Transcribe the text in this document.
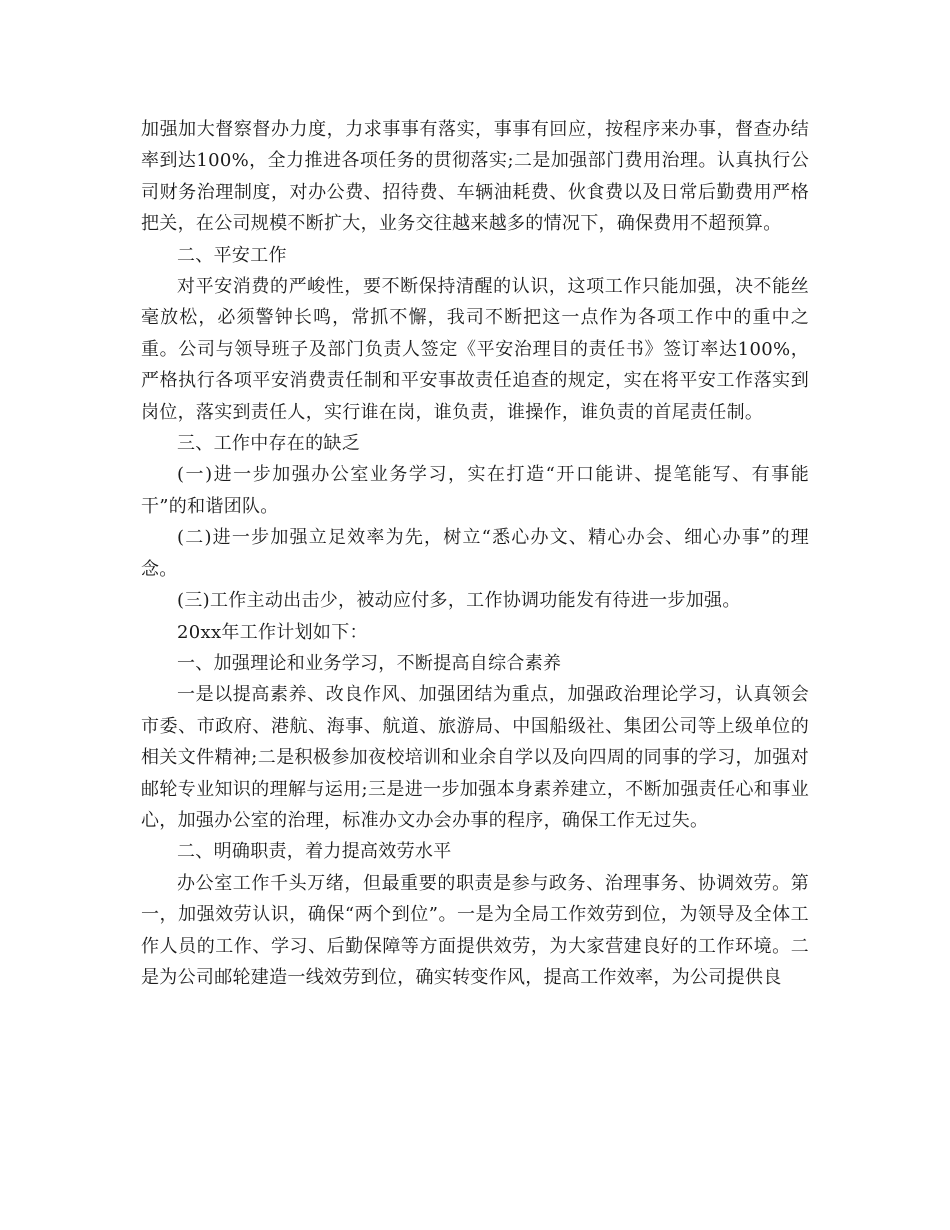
加强加大督察督办力度，力求事事有落实，事事有回应，按程序来办事，督查办结率到达100%，全力推进各项任务的贯彻落实;二是加强部门费用治理。认真执行公司财务治理制度，对办公费、招待费、车辆油耗费、伙食费以及日常后勤费用严格把关，在公司规模不断扩大，业务交往越来越多的情况下，确保费用不超预算。

二、平安工作

对平安消费的严峻性，要不断保持清醒的认识，这项工作只能加强，决不能丝毫放松，必须警钟长鸣，常抓不懈，我司不断把这一点作为各项工作中的重中之重。公司与领导班子及部门负责人签定《平安治理目的责任书》签订率达100%，严格执行各项平安消费责任制和平安事故责任追查的规定，实在将平安工作落实到岗位，落实到责任人，实行谁在岗，谁负责，谁操作，谁负责的首尾责任制。

三、工作中存在的缺乏

(一)进一步加强办公室业务学习，实在打造“开口能讲、提笔能写、有事能干”的和谐团队。

(二)进一步加强立足效率为先，树立“悉心办文、精心办会、细心办事”的理念。

(三)工作主动出击少，被动应付多，工作协调功能发有待进一步加强。

20xx年工作计划如下：

一、加强理论和业务学习，不断提高自综合素养

一是以提高素养、改良作风、加强团结为重点，加强政治理论学习，认真领会市委、市政府、港航、海事、航道、旅游局、中国船级社、集团公司等上级单位的相关文件精神;二是积极参加夜校培训和业余自学以及向四周的同事的学习，加强对邮轮专业知识的理解与运用;三是进一步加强本身素养建立，不断加强责任心和事业心，加强办公室的治理，标准办文办会办事的程序，确保工作无过失。

二、明确职责，着力提高效劳水平

办公室工作千头万绪，但最重要的职责是参与政务、治理事务、协调效劳。第一，加强效劳认识，确保“两个到位”。一是为全局工作效劳到位，为领导及全体工作人员的工作、学习、后勤保障等方面提供效劳，为大家营建良好的工作环境。二是为公司邮轮建造一线效劳到位，确实转变作风，提高工作效率，为公司提供良
